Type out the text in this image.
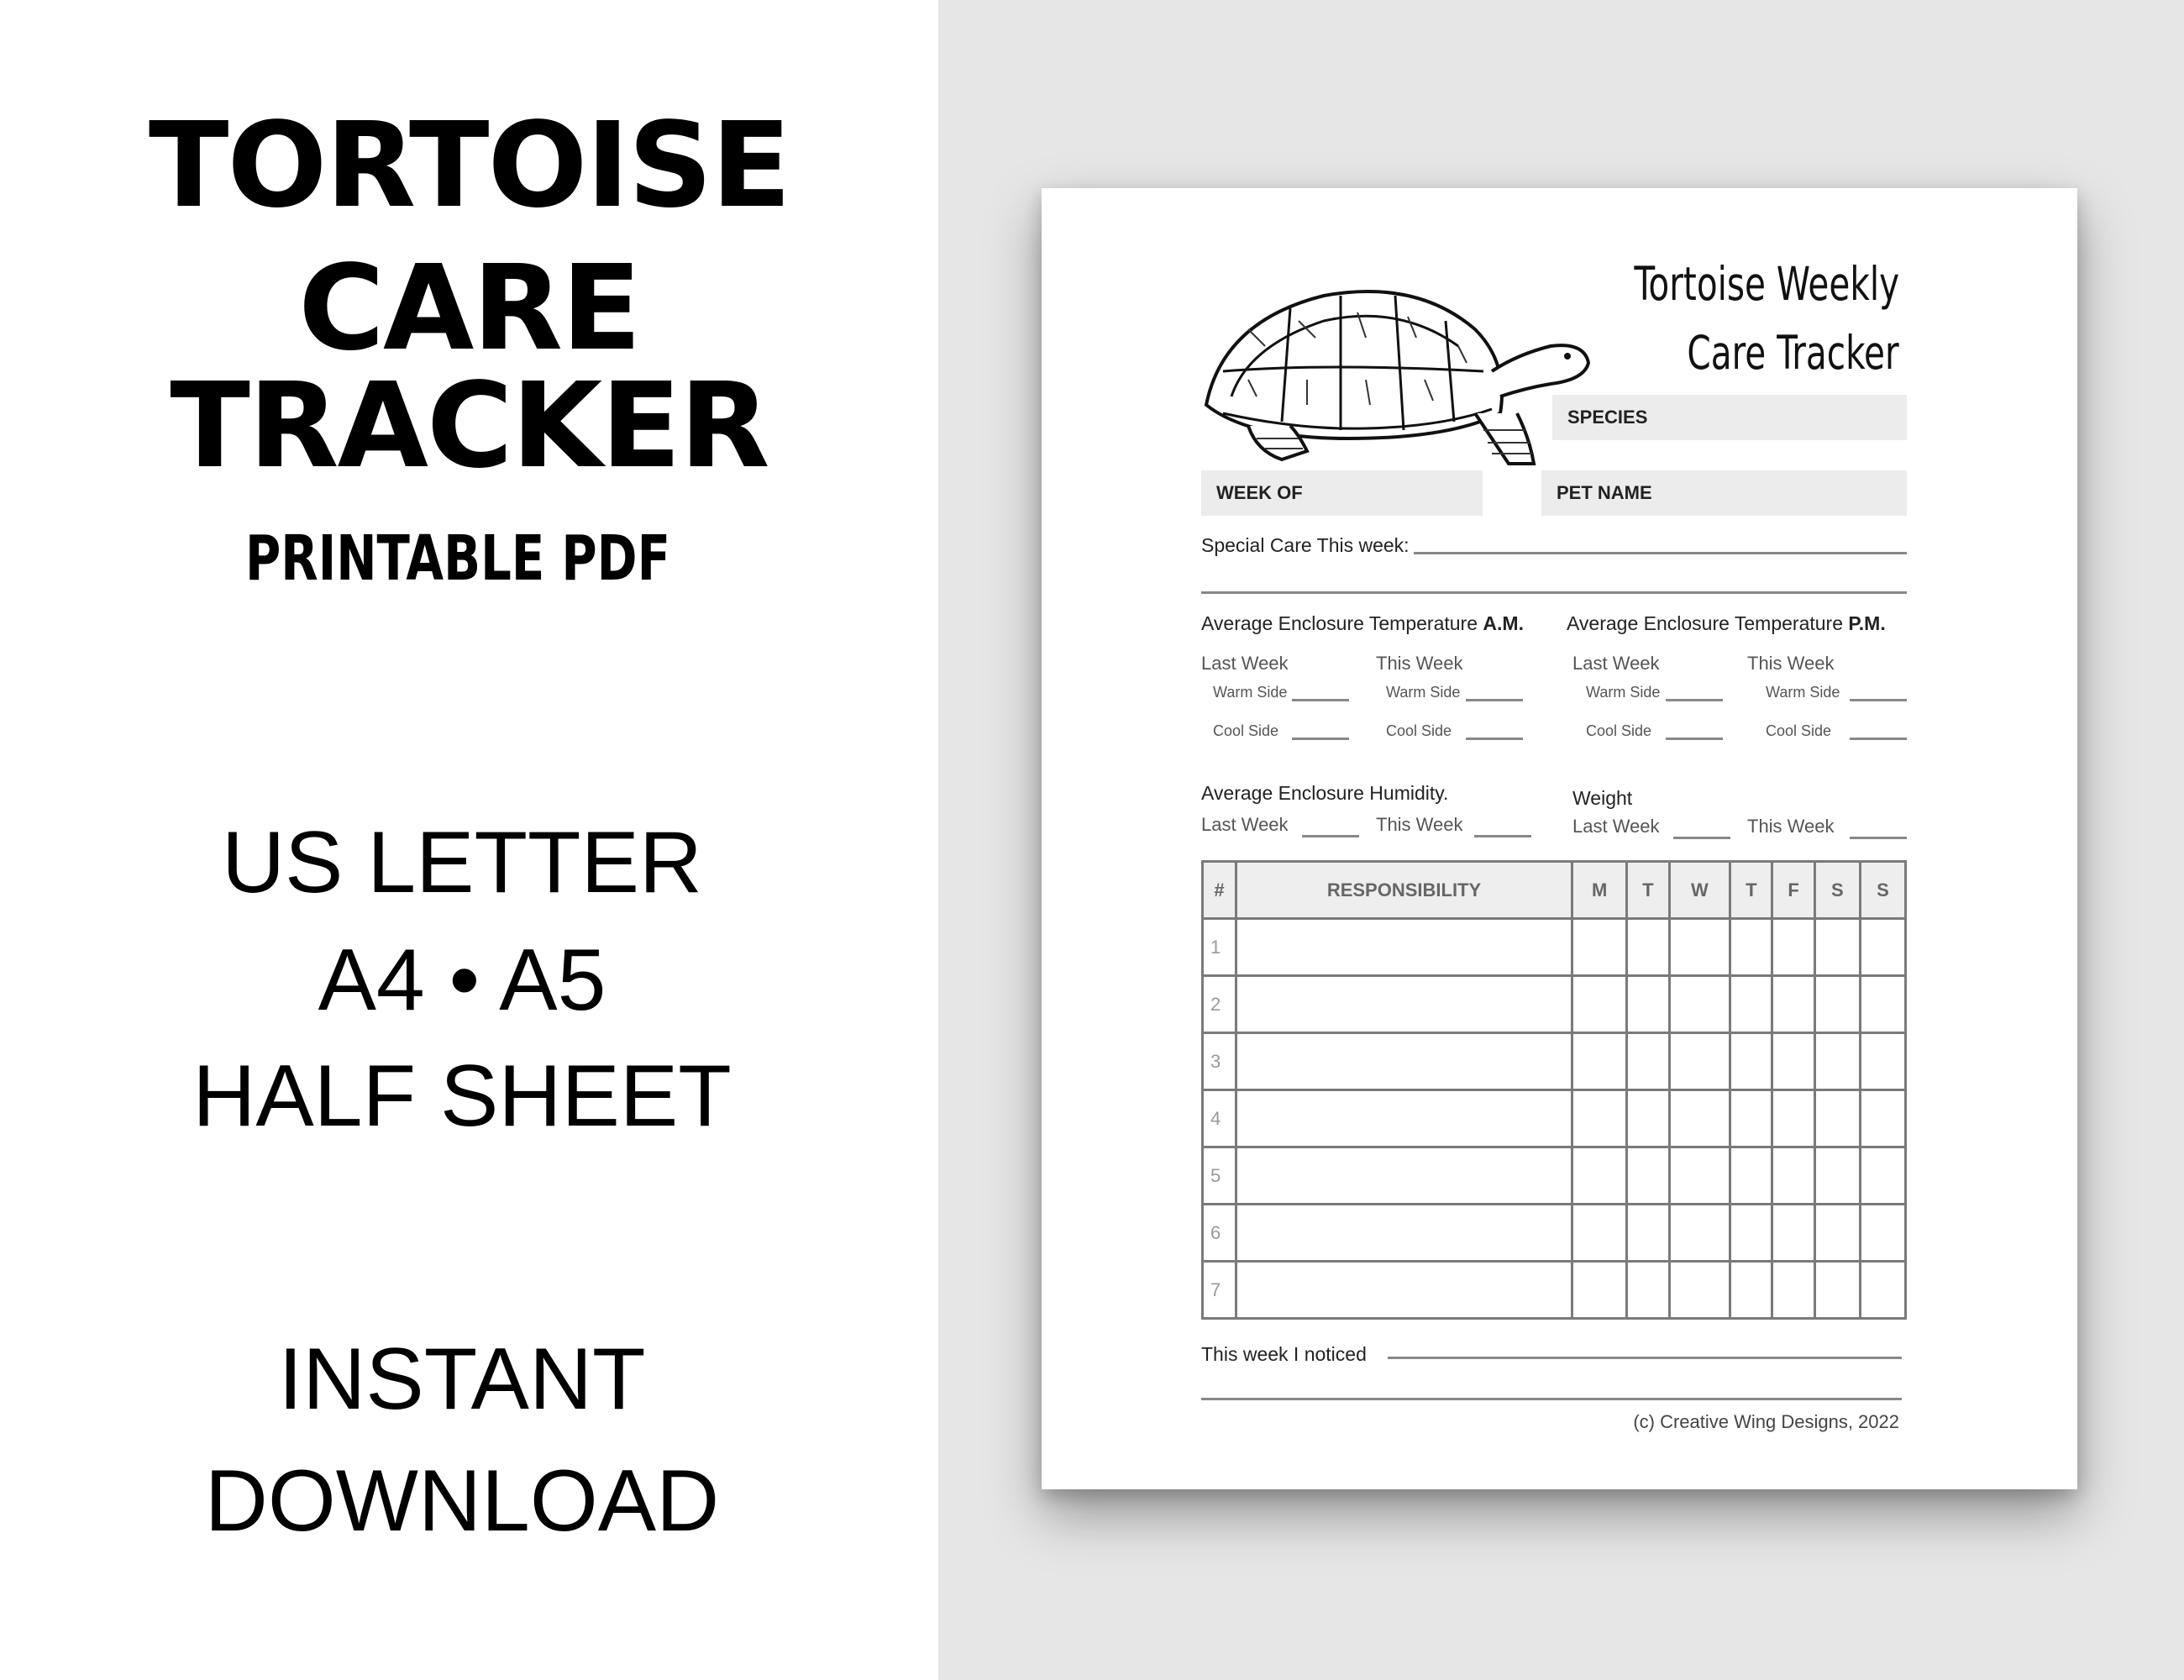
TORTOISE
CARE TRACKER
PRINTABLE PDF
US LETTER
A4 • A5
HALF SHEET
INSTANT
DOWNLOAD
Tortoise Weekly
Care Tracker
SPECIES
WEEK OF	PET NAME
Special Care This week:
Average Enclosure Temperature A.M. Average Enclosure Temperature P.M.
Last Week	This Week	Last Week	This Week
Warm Side	Warm Side	Warm Side	Warm Side
Cool Side	Cool Side	Cool Side	Cool Side
Average Enclosure Humidity.	Weight
Last Week	This Week	Last Week	This Week
#	RESPONSIBILITY	M	T	W	T	F	S	S
1								
2								
3								
4								
5								
6								
7								
This week I noticed
(c) Creative Wing Designs, 2022
